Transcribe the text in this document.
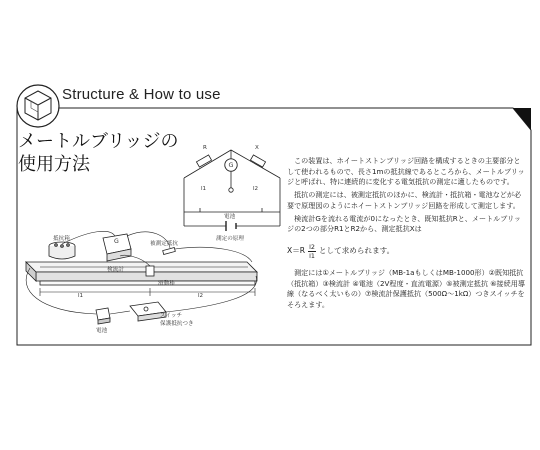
Structure & How to use
メートルブリッジの
使用方法
R	X
G
l1	l2
電池
測定の原理
抵抗箱
被測定抵抗
G
検流計
滑動棒
l1	l2
電池
スイッチ
保護抵抗つき

この装置は、ホイートストンブリッジ回路を構成するときの主要部分として使われるもので、長さ1mの抵抗線であるところから、メートルブリッジと呼ばれ、特に連続的に変化する電気抵抗の測定に適したものです。

抵抗の測定には、被測定抵抗のほかに、検流計・抵抗箱・電池などが必要で原理図のようにホイートストンブリッジ回路を形成して測定します。

検流計Gを流れる電流が0になったとき、既知抵抗Rと、メートルブリッジの2つの部分R1とR2から、測定抵抗Xは

$X=R \frac{l2}{l1}$ として求められます。

測定には①メートルブリッジ（MB-1aもしくはMB-1000形）②既知抵抗（抵抗箱）③検流計 ④電池（2V程度・直流電源）⑤被測定抵抗 ⑥接続用導線（なるべく太いもの）⑦検流計保護抵抗（500Ω〜1kΩ）つきスイッチをそろえます。
